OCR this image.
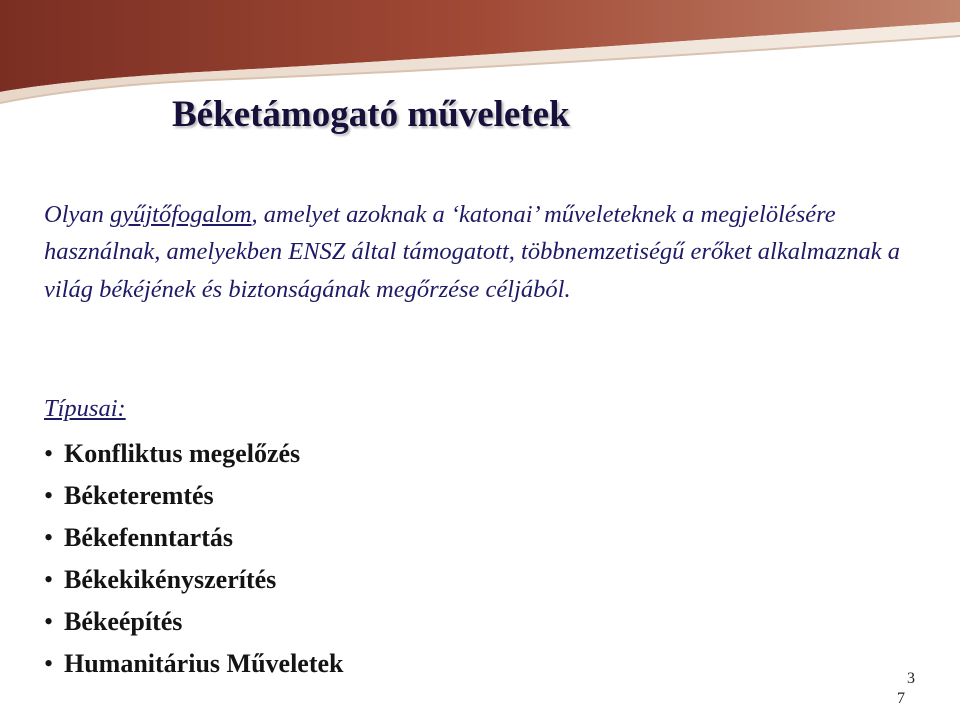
Béketámogató műveletek

Olyan gyűjtőfogalom, amelyet azoknak a ‘katonai’ műveleteknek a megjelölésére használnak, amelyekben ENSZ által támogatott, többnemzetiségű erőket alkalmaznak a világ békéjének és biztonságának megőrzése céljából.

Típusai:

• Konfliktus megelőzés
• Béketeremtés
• Békefenntartás
• Békekikényszerítés
• Békeépítés
• Humanitárius Műveletek
3
7
